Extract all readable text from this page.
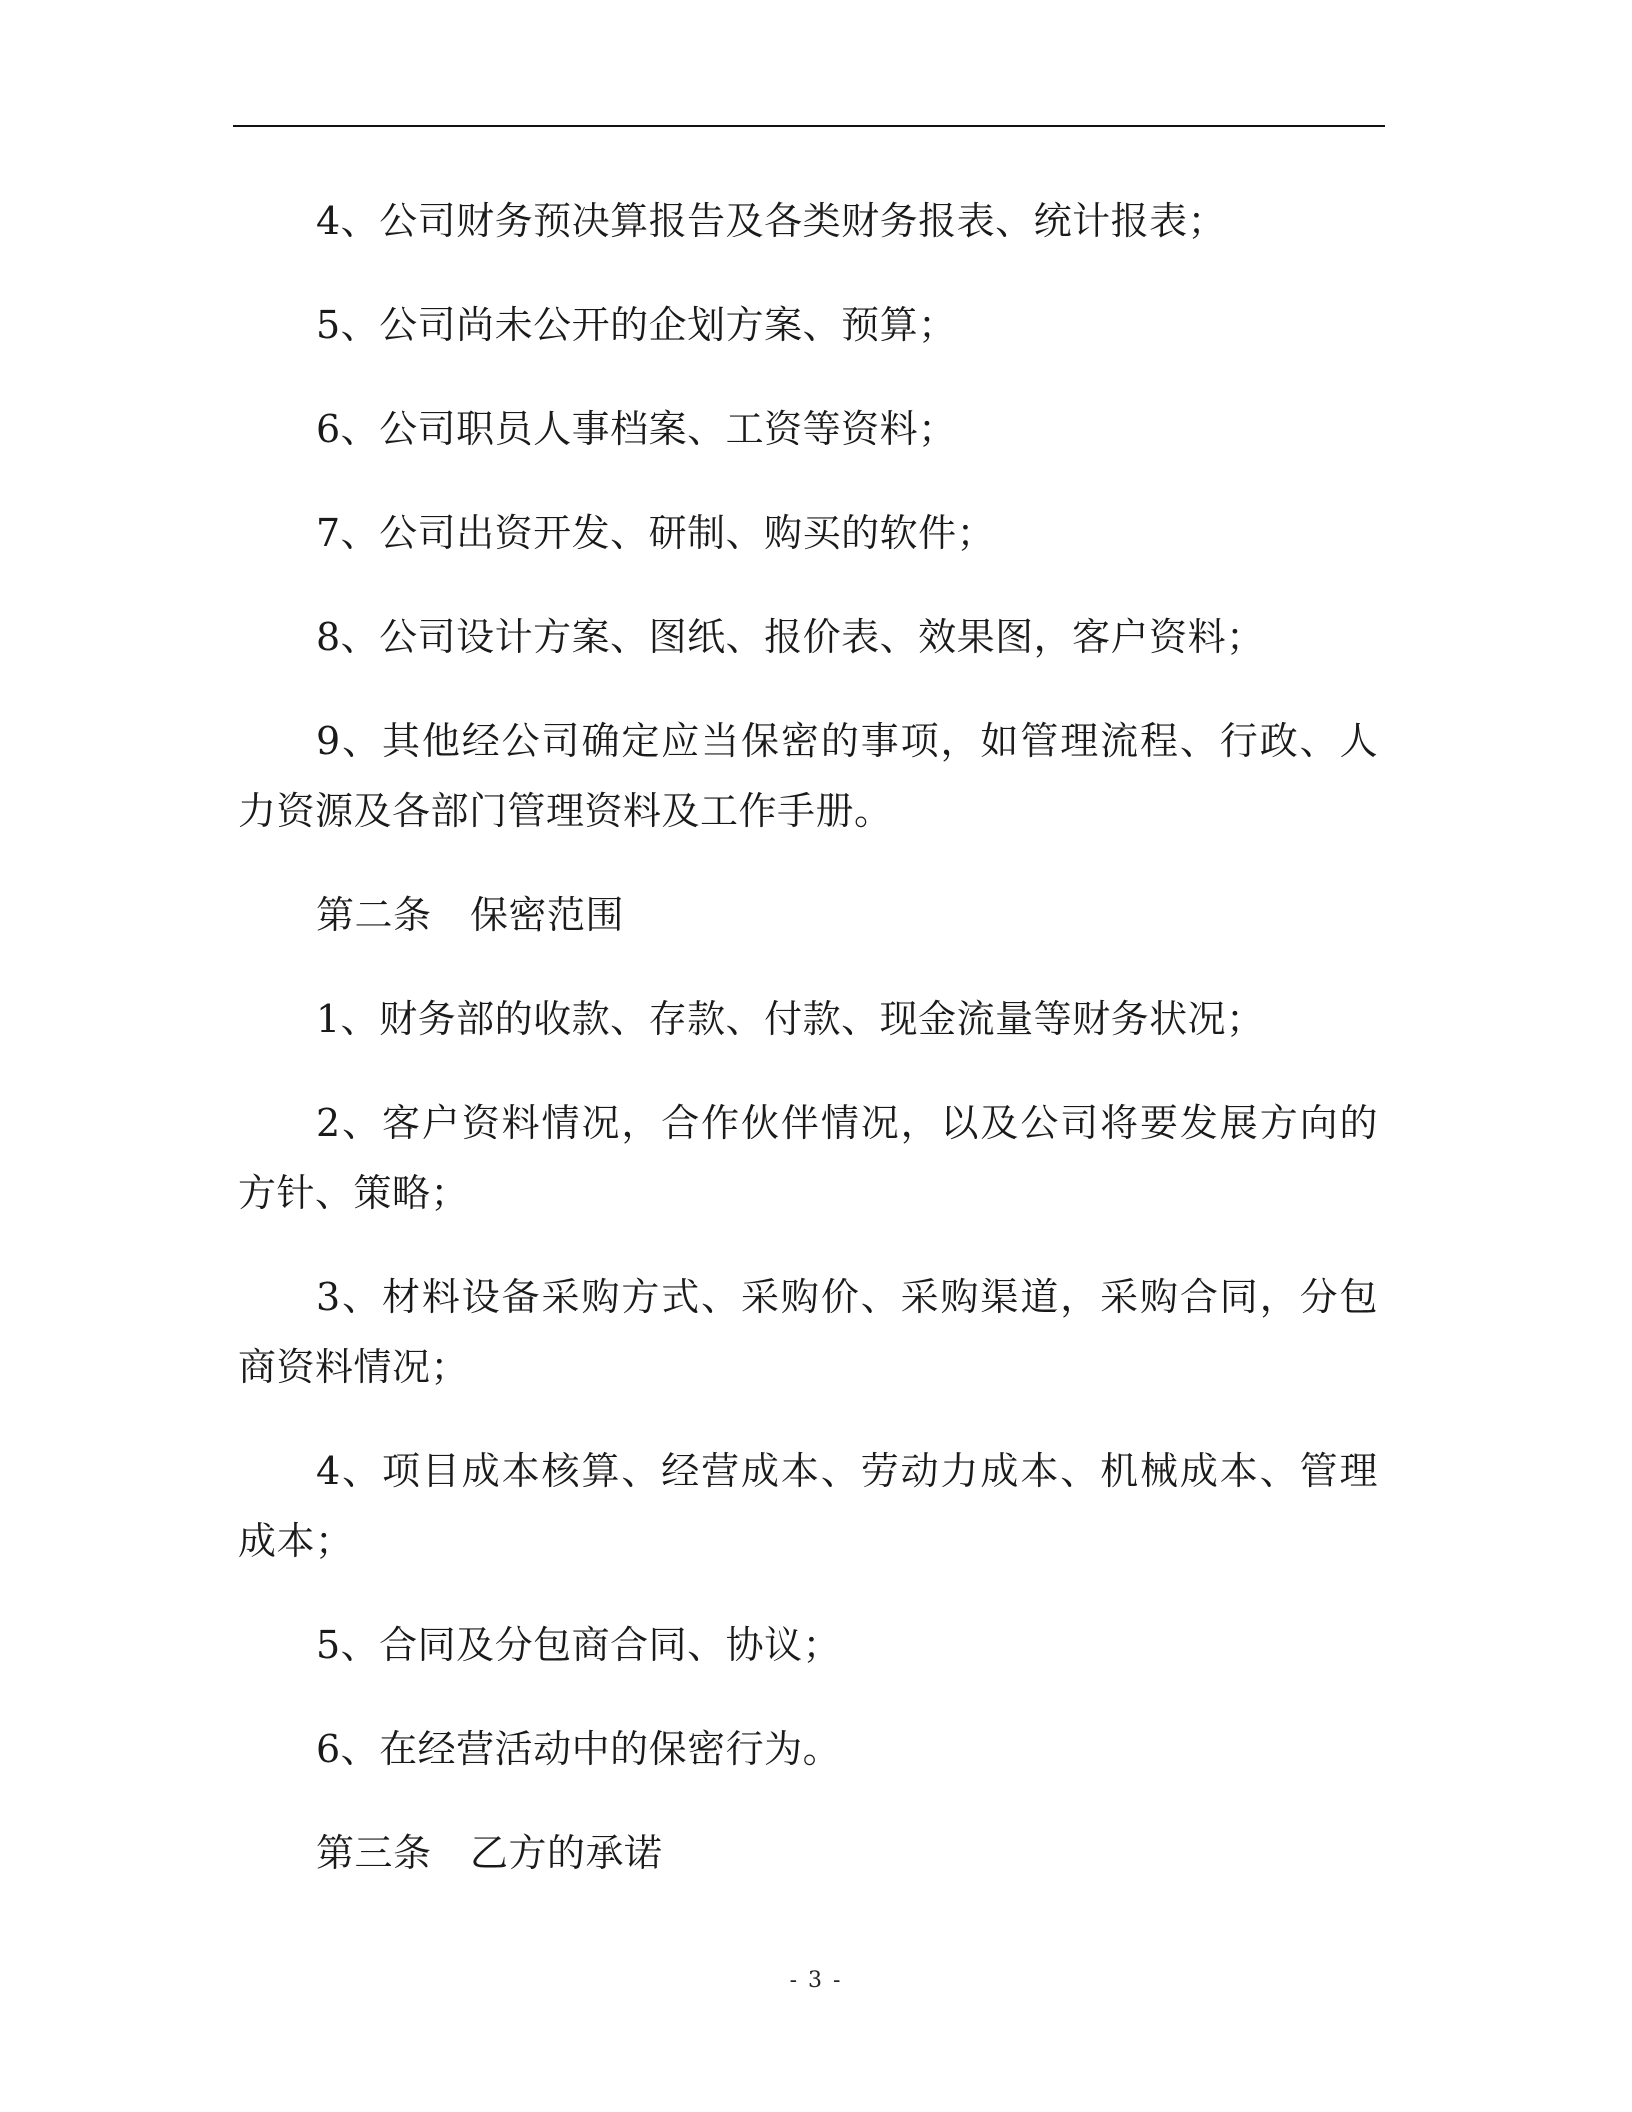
4、公司财务预决算报告及各类财务报表、统计报表；

5、公司尚未公开的企划方案、预算；

6、公司职员人事档案、工资等资料；

7、公司出资开发、研制、购买的软件；

8、公司设计方案、图纸、报价表、效果图，客户资料；

9、其他经公司确定应当保密的事项，如管理流程、行政、人力资源及各部门管理资料及工作手册。

第二条　保密范围

1、财务部的收款、存款、付款、现金流量等财务状况；

2、客户资料情况，合作伙伴情况，以及公司将要发展方向的方针、策略；

3、材料设备采购方式、采购价、采购渠道，采购合同，分包商资料情况；

4、项目成本核算、经营成本、劳动力成本、机械成本、管理成本；

5、合同及分包商合同、协议；

6、在经营活动中的保密行为。

第三条　乙方的承诺

- 3 -
